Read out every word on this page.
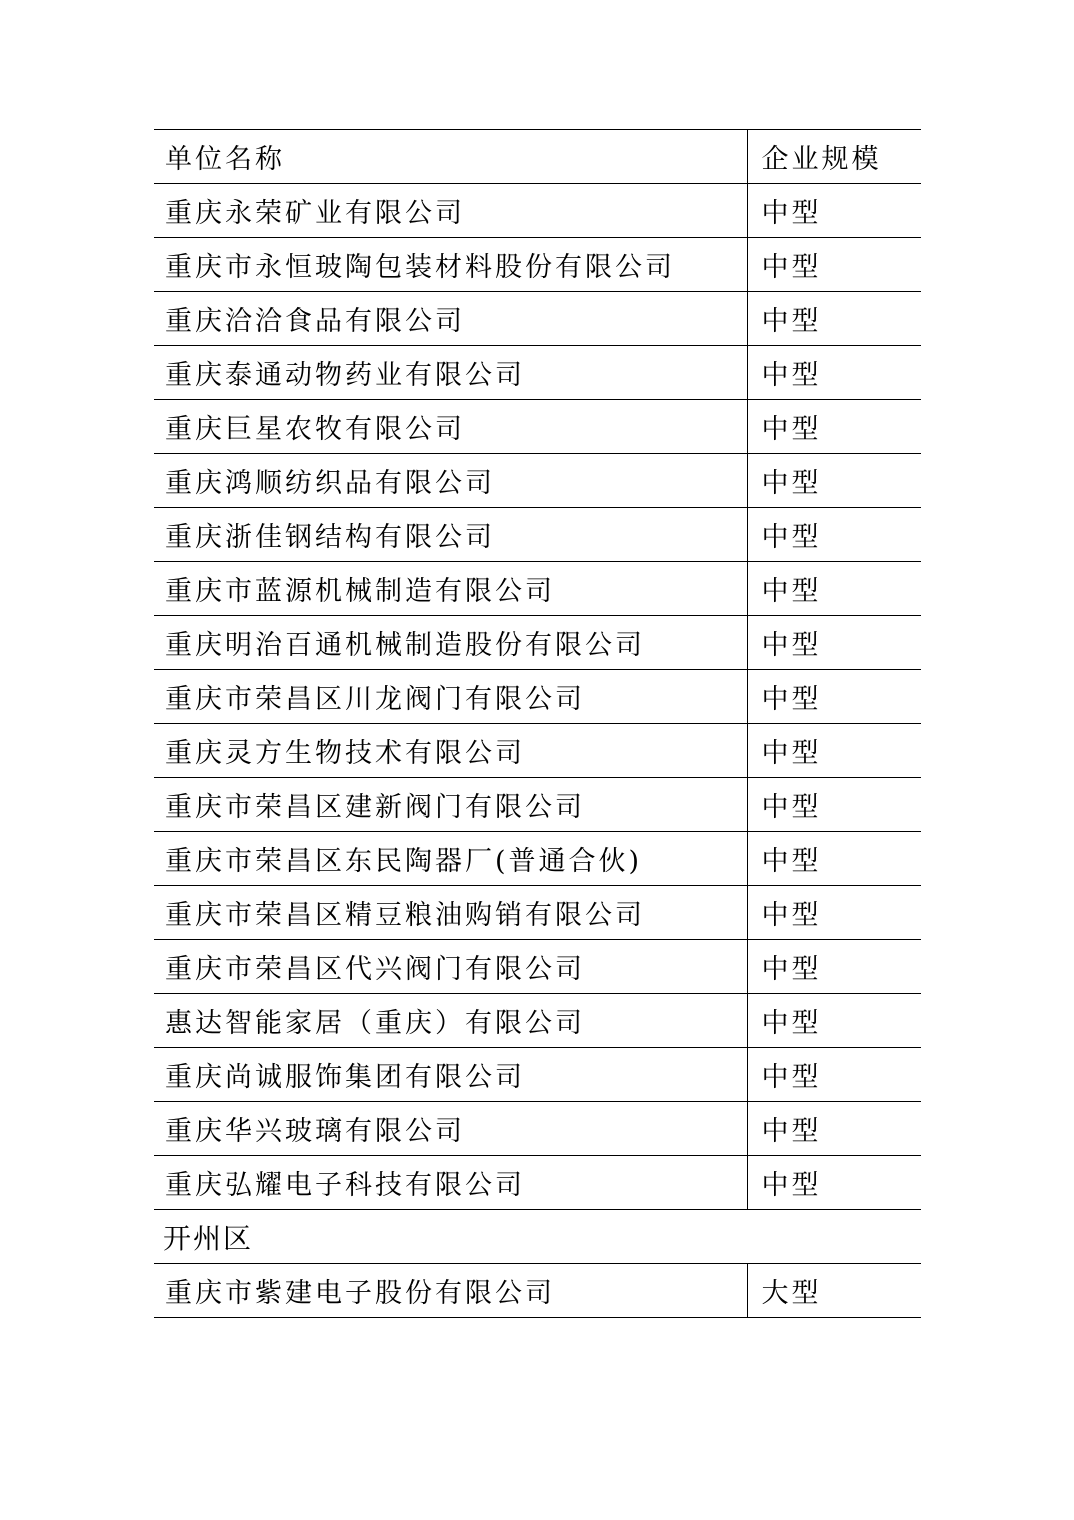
单位名称	企业规模
重庆永荣矿业有限公司	中型
重庆市永恒玻陶包装材料股份有限公司	中型
重庆洽洽食品有限公司	中型
重庆泰通动物药业有限公司	中型
重庆巨星农牧有限公司	中型
重庆鸿顺纺织品有限公司	中型
重庆浙佳钢结构有限公司	中型
重庆市蓝源机械制造有限公司	中型
重庆明治百通机械制造股份有限公司	中型
重庆市荣昌区川龙阀门有限公司	中型
重庆灵方生物技术有限公司	中型
重庆市荣昌区建新阀门有限公司	中型
重庆市荣昌区东民陶器厂(普通合伙)	中型
重庆市荣昌区精豆粮油购销有限公司	中型
重庆市荣昌区代兴阀门有限公司	中型
惠达智能家居（重庆）有限公司	中型
重庆尚诚服饰集团有限公司	中型
重庆华兴玻璃有限公司	中型
重庆弘耀电子科技有限公司	中型
开州区	
重庆市紫建电子股份有限公司	大型
